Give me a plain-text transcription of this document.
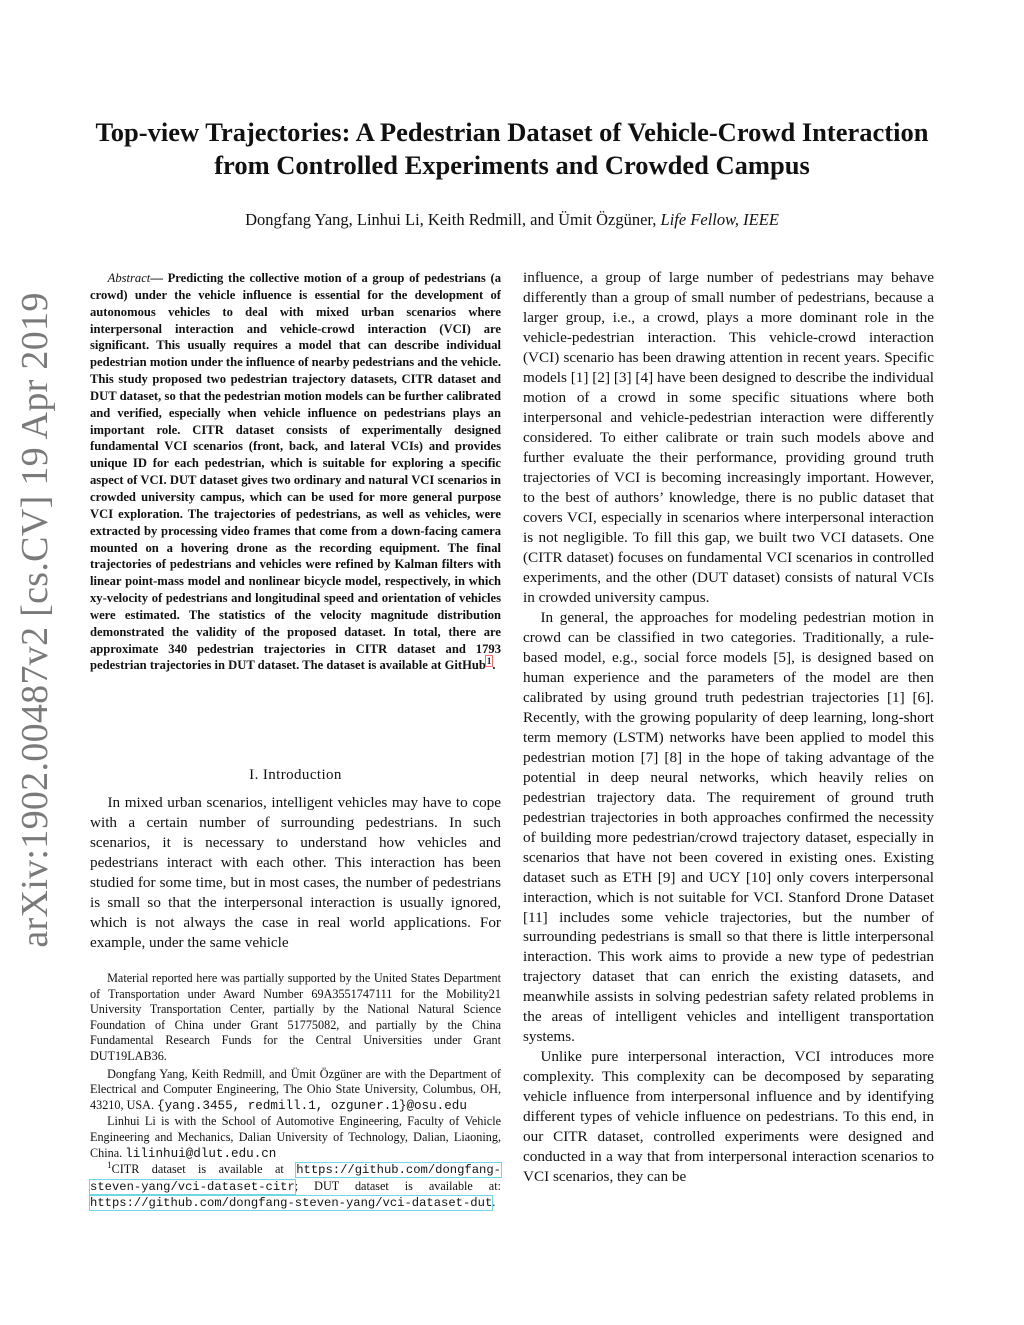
arXiv:1902.00487v2 [cs.CV] 19 Apr 2019
Top-view Trajectories: A Pedestrian Dataset of Vehicle-Crowd Interaction from Controlled Experiments and Crowded Campus
Dongfang Yang, Linhui Li, Keith Redmill, and Ümit Özgüner, Life Fellow, IEEE
Abstract— Predicting the collective motion of a group of pedestrians (a crowd) under the vehicle influence is essential for the development of autonomous vehicles to deal with mixed urban scenarios where interpersonal interaction and vehicle-crowd interaction (VCI) are significant. This usually requires a model that can describe individual pedestrian motion under the influence of nearby pedestrians and the vehicle. This study proposed two pedestrian trajectory datasets, CITR dataset and DUT dataset, so that the pedestrian motion models can be further calibrated and verified, especially when vehicle influence on pedestrians plays an important role. CITR dataset consists of experimentally designed fundamental VCI scenarios (front, back, and lateral VCIs) and provides unique ID for each pedestrian, which is suitable for exploring a specific aspect of VCI. DUT dataset gives two ordinary and natural VCI scenarios in crowded university campus, which can be used for more general purpose VCI exploration. The trajectories of pedestrians, as well as vehicles, were extracted by processing video frames that come from a down-facing camera mounted on a hovering drone as the recording equipment. The final trajectories of pedestrians and vehicles were refined by Kalman filters with linear point-mass model and nonlinear bicycle model, respectively, in which xy-velocity of pedestrians and longitudinal speed and orientation of vehicles were estimated. The statistics of the velocity magnitude distribution demonstrated the validity of the proposed dataset. In total, there are approximate 340 pedestrian trajectories in CITR dataset and 1793 pedestrian trajectories in DUT dataset. The dataset is available at GitHub$^1$.
I. Introduction
In mixed urban scenarios, intelligent vehicles may have to cope with a certain number of surrounding pedestrians. In such scenarios, it is necessary to understand how vehicles and pedestrians interact with each other. This interaction has been studied for some time, but in most cases, the number of pedestrians is small so that the interpersonal interaction is usually ignored, which is not always the case in real world applications. For example, under the same vehicle

Material reported here was partially supported by the United States Department of Transportation under Award Number 69A3551747111 for the Mobility21 University Transportation Center, partially by the National Natural Science Foundation of China under Grant 51775082, and partially by the China Fundamental Research Funds for the Central Universities under Grant DUT19LAB36.

Dongfang Yang, Keith Redmill, and Ümit Özgüner are with the Department of Electrical and Computer Engineering, The Ohio State University, Columbus, OH, 43210, USA. {yang.3455, redmill.1, ozguner.1}@osu.edu

Linhui Li is with the School of Automotive Engineering, Faculty of Vehicle Engineering and Mechanics, Dalian University of Technology, Dalian, Liaoning, China. lilinhui@dlut.edu.cn

$^1$CITR dataset is available at https://github.com/dongfang-steven-yang/vci-dataset-citr; DUT dataset is available at: https://github.com/dongfang-steven-yang/vci-dataset-dut.

influence, a group of large number of pedestrians may behave differently than a group of small number of pedestrians, because a larger group, i.e., a crowd, plays a more dominant role in the vehicle-pedestrian interaction. This vehicle-crowd interaction (VCI) scenario has been drawing attention in recent years. Specific models [1] [2] [3] [4] have been designed to describe the individual motion of a crowd in some specific situations where both interpersonal and vehicle-pedestrian interaction were differently considered. To either calibrate or train such models above and further evaluate the their performance, providing ground truth trajectories of VCI is becoming increasingly important. However, to the best of authors’ knowledge, there is no public dataset that covers VCI, especially in scenarios where interpersonal interaction is not negligible. To fill this gap, we built two VCI datasets. One (CITR dataset) focuses on fundamental VCI scenarios in controlled experiments, and the other (DUT dataset) consists of natural VCIs in crowded university campus.

In general, the approaches for modeling pedestrian motion in crowd can be classified in two categories. Traditionally, a rule-based model, e.g., social force models [5], is designed based on human experience and the parameters of the model are then calibrated by using ground truth pedestrian trajectories [1] [6]. Recently, with the growing popularity of deep learning, long-short term memory (LSTM) networks have been applied to model this pedestrian motion [7] [8] in the hope of taking advantage of the potential in deep neural networks, which heavily relies on pedestrian trajectory data. The requirement of ground truth pedestrian trajectories in both approaches confirmed the necessity of building more pedestrian/crowd trajectory dataset, especially in scenarios that have not been covered in existing ones. Existing dataset such as ETH [9] and UCY [10] only covers interpersonal interaction, which is not suitable for VCI. Stanford Drone Dataset [11] includes some vehicle trajectories, but the number of surrounding pedestrians is small so that there is little interpersonal interaction. This work aims to provide a new type of pedestrian trajectory dataset that can enrich the existing datasets, and meanwhile assists in solving pedestrian safety related problems in the areas of intelligent vehicles and intelligent transportation systems.

Unlike pure interpersonal interaction, VCI introduces more complexity. This complexity can be decomposed by separating vehicle influence from interpersonal influence and by identifying different types of vehicle influence on pedestrians. To this end, in our CITR dataset, controlled experiments were designed and conducted in a way that from interpersonal interaction scenarios to VCI scenarios, they can be
